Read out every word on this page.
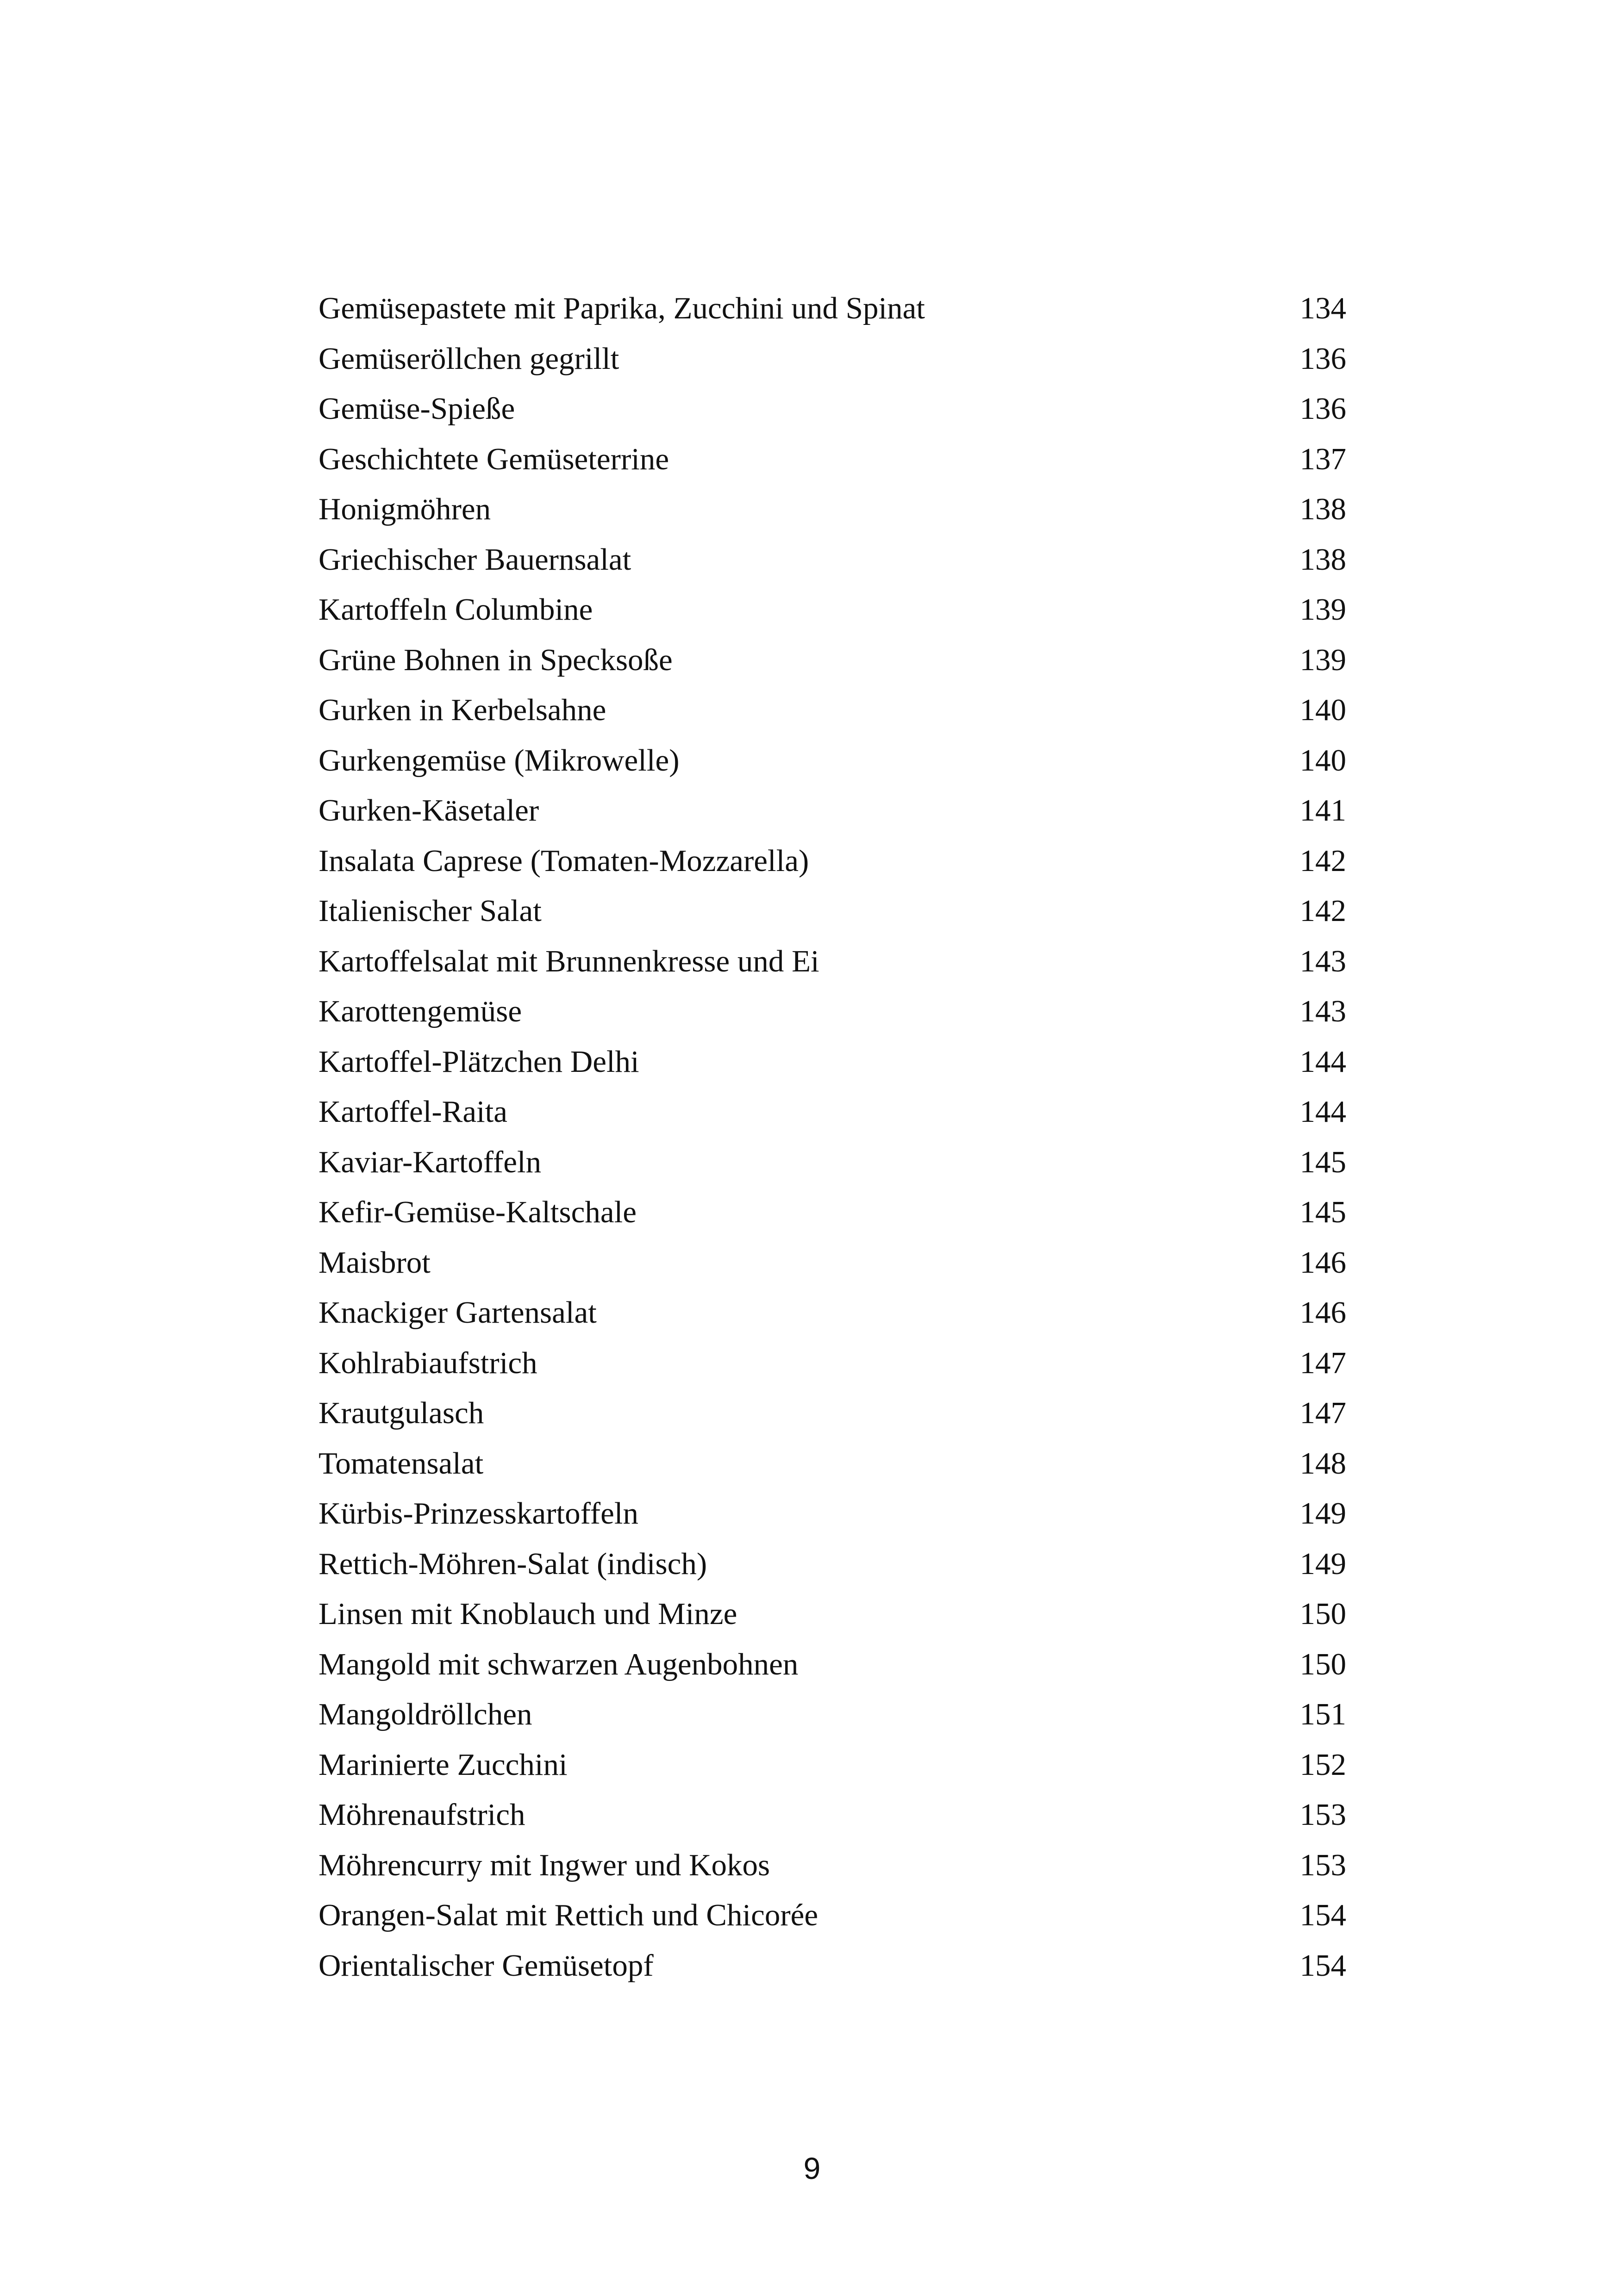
Gemüsepastete mit Paprika, Zucchini und Spinat	134
Gemüseröllchen gegrillt	136
Gemüse-Spieße	136
Geschichtete Gemüseterrine	137
Honigmöhren	138
Griechischer Bauernsalat	138
Kartoffeln Columbine	139
Grüne Bohnen in Specksoße	139
Gurken in Kerbelsahne	140
Gurkengemüse (Mikrowelle)	140
Gurken-Käsetaler	141
Insalata Caprese (Tomaten-Mozzarella)	142
Italienischer Salat	142
Kartoffelsalat mit Brunnenkresse und Ei	143
Karottengemüse	143
Kartoffel-Plätzchen Delhi	144
Kartoffel-Raita	144
Kaviar-Kartoffeln	145
Kefir-Gemüse-Kaltschale	145
Maisbrot	146
Knackiger Gartensalat	146
Kohlrabiaufstrich	147
Krautgulasch	147
Tomatensalat	148
Kürbis-Prinzesskartoffeln	149
Rettich-Möhren-Salat (indisch)	149
Linsen mit Knoblauch und Minze	150
Mangold mit schwarzen Augenbohnen	150
Mangoldröllchen	151
Marinierte Zucchini	152
Möhrenaufstrich	153
Möhrencurry mit Ingwer und Kokos	153
Orangen-Salat mit Rettich und Chicorée	154
Orientalischer Gemüsetopf	154
9
